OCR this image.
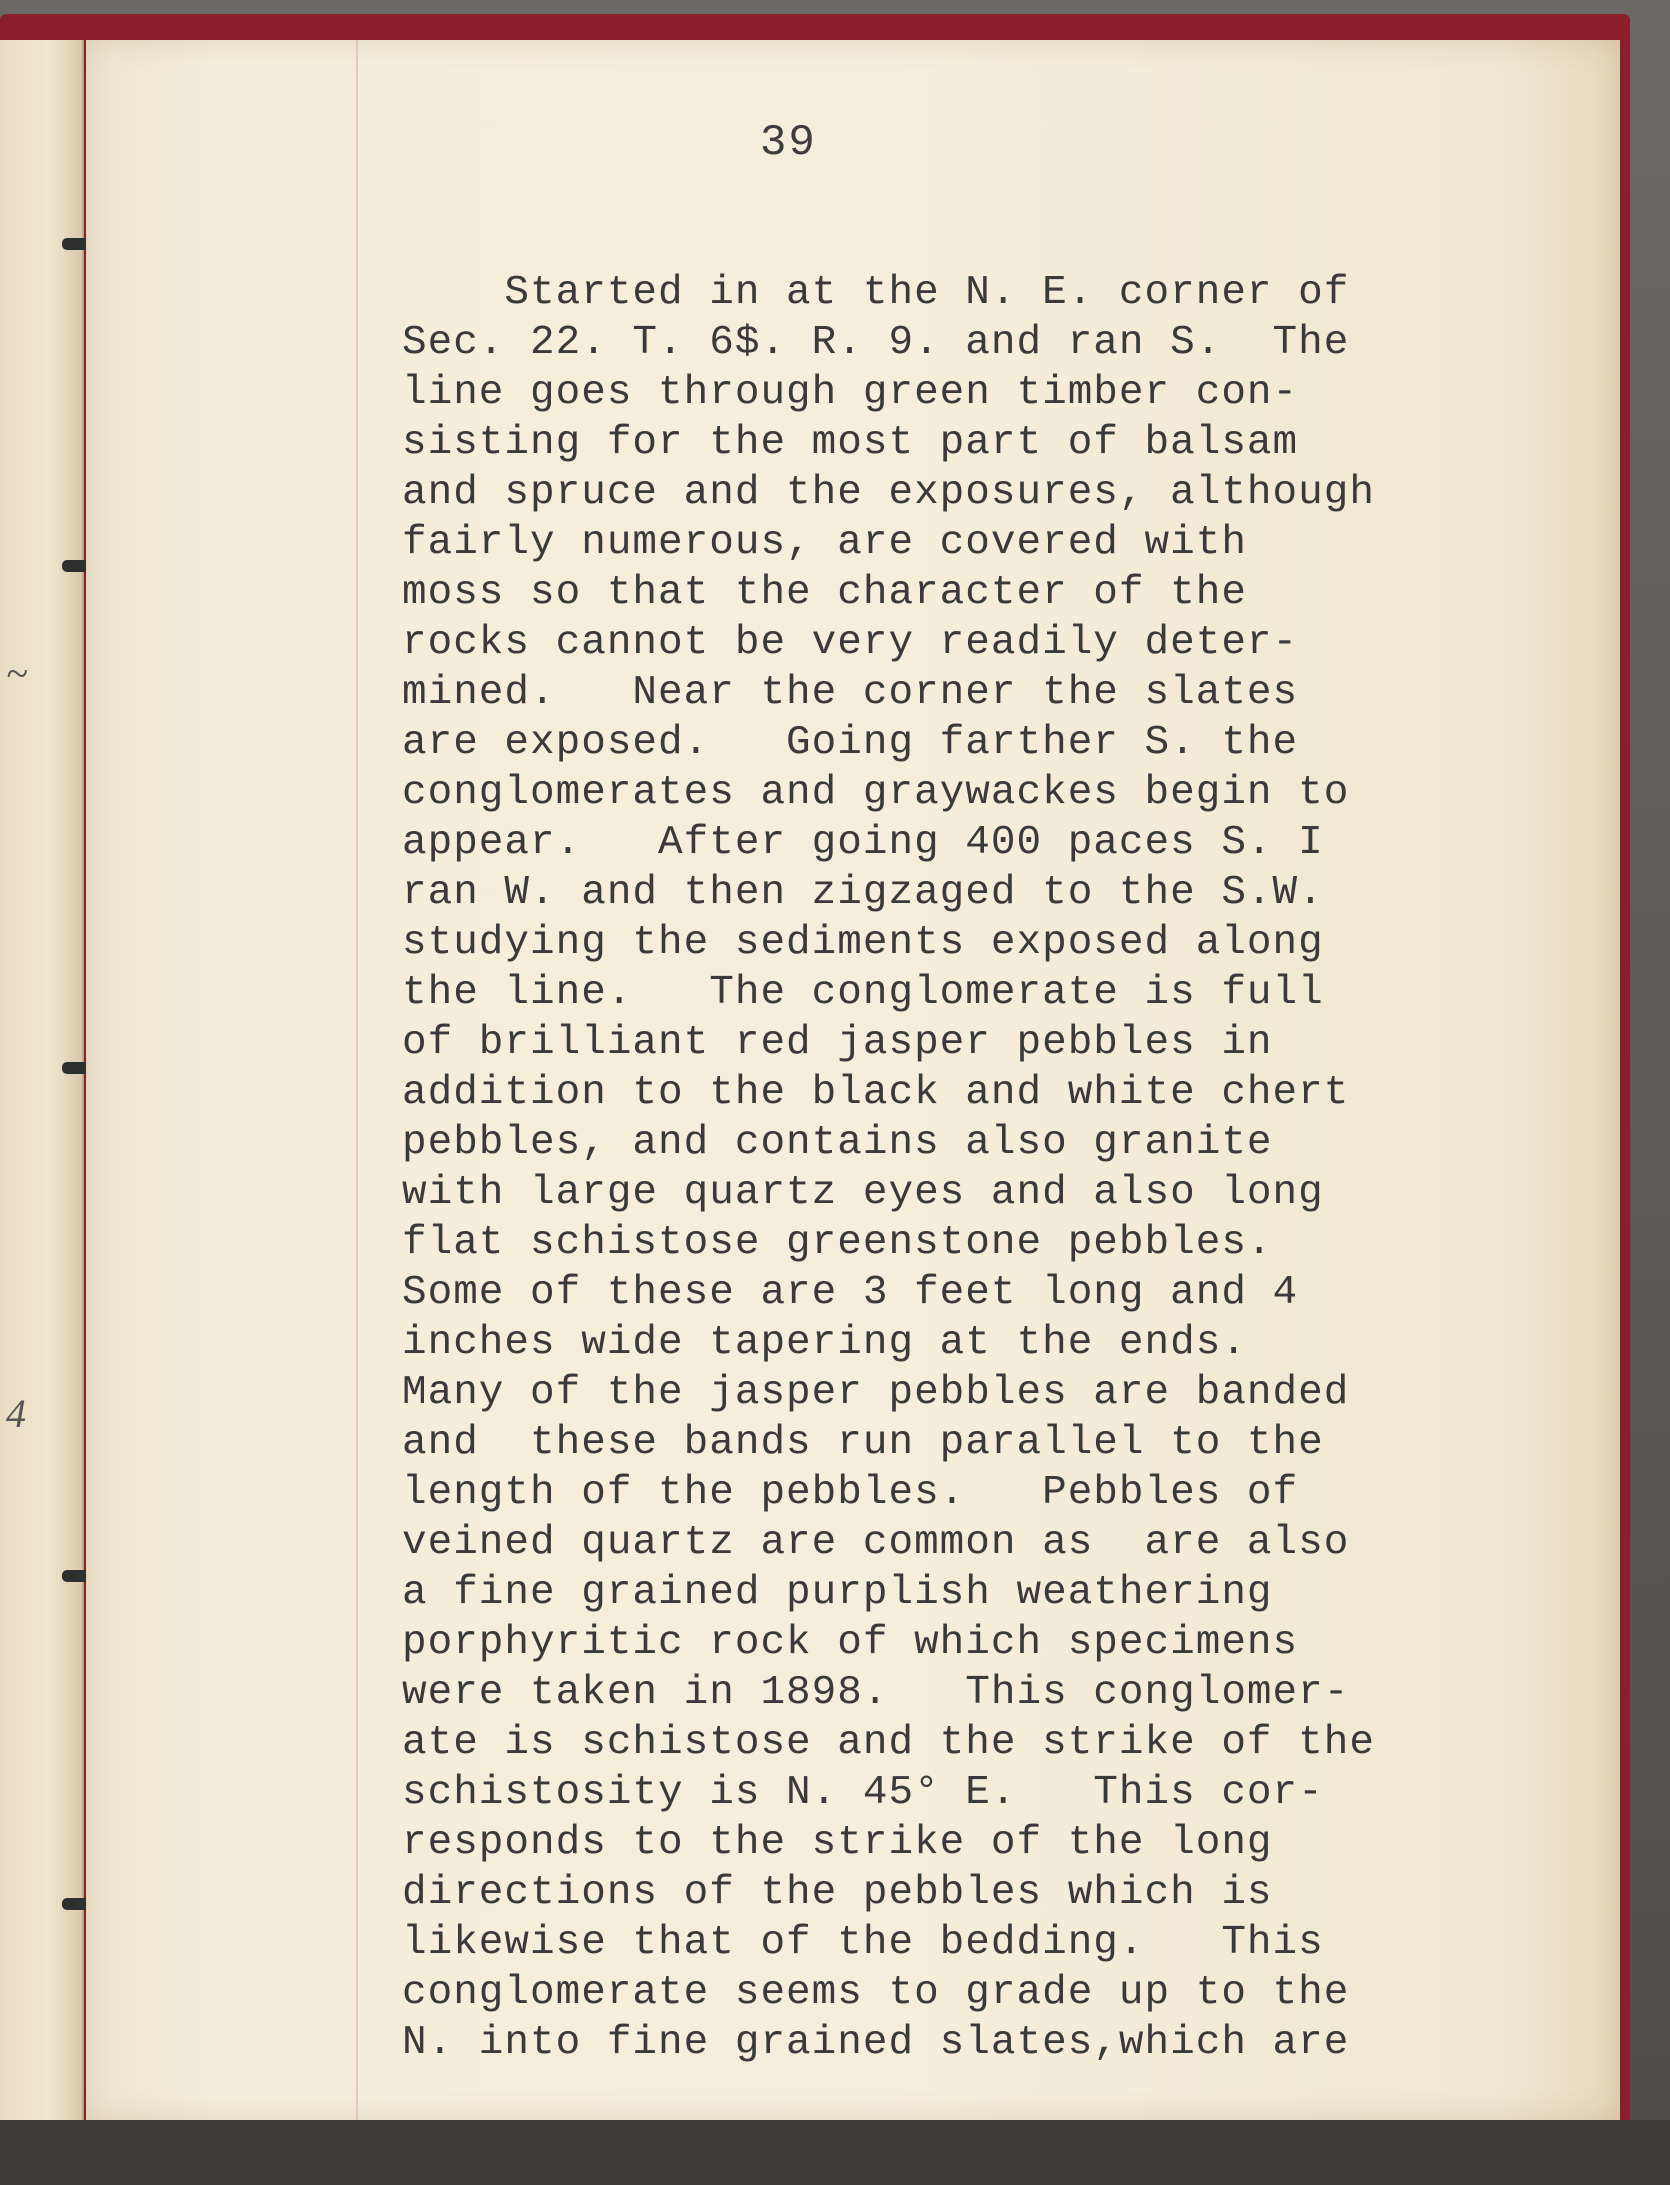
~
4
39
Started in at the N. E. corner of
Sec. 22. T. 6$. R. 9. and ran S.  The
line goes through green timber con-
sisting for the most part of balsam
and spruce and the exposures, although
fairly numerous, are covered with
moss so that the character of the
rocks cannot be very readily deter-
mined.   Near the corner the slates
are exposed.   Going farther S. the
conglomerates and graywackes begin to
appear.   After going 400 paces S. I
ran W. and then zigzaged to the S.W.
studying the sediments exposed along
the line.   The conglomerate is full
of brilliant red jasper pebbles in
addition to the black and white chert
pebbles, and contains also granite
with large quartz eyes and also long
flat schistose greenstone pebbles.
Some of these are 3 feet long and 4
inches wide tapering at the ends.
Many of the jasper pebbles are banded
and  these bands run parallel to the
length of the pebbles.   Pebbles of
veined quartz are common as  are also
a fine grained purplish weathering
porphyritic rock of which specimens
were taken in 1898.   This conglomer-
ate is schistose and the strike of the
schistosity is N. 45° E.   This cor-
responds to the strike of the long
directions of the pebbles which is
likewise that of the bedding.   This
conglomerate seems to grade up to the
N. into fine grained slates,which are
